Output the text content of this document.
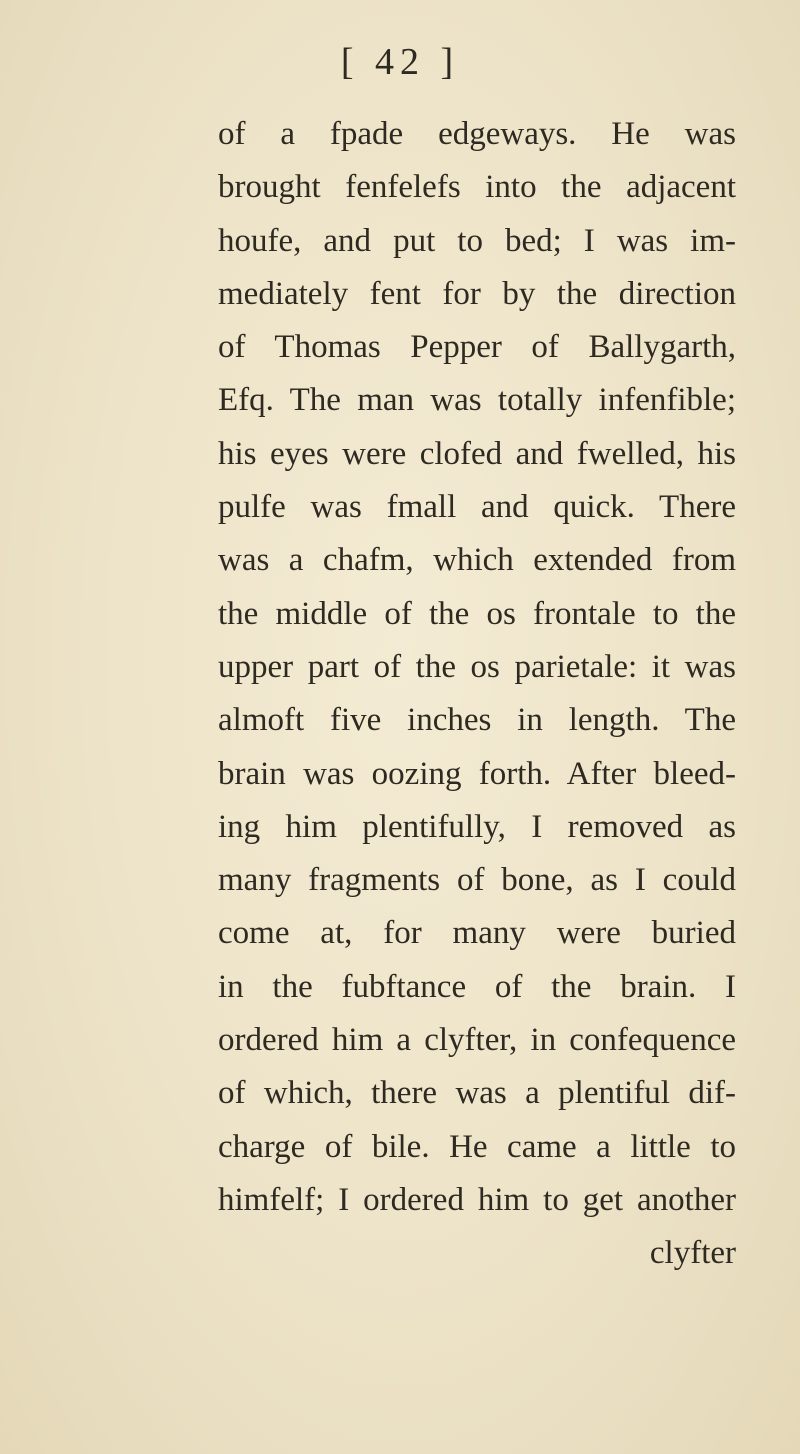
[ 42 ]
of a fpade edgeways. He was
brought fenfelefs into the adjacent
houfe, and put to bed; I was im-
mediately fent for by the direction
of Thomas Pepper of Ballygarth,
Efq. The man was totally infenfible;
his eyes were clofed and fwelled, his
pulfe was fmall and quick. There
was a chafm, which extended from
the middle of the os frontale to the
upper part of the os parietale: it was
almoft five inches in length. The
brain was oozing forth. After bleed-
ing him plentifully, I removed as
many fragments of bone, as I could
come at, for many were buried
in the fubftance of the brain. I
ordered him a clyfter, in confequence
of which, there was a plentiful dif-
charge of bile. He came a little to
himfelf; I ordered him to get another
clyfter
